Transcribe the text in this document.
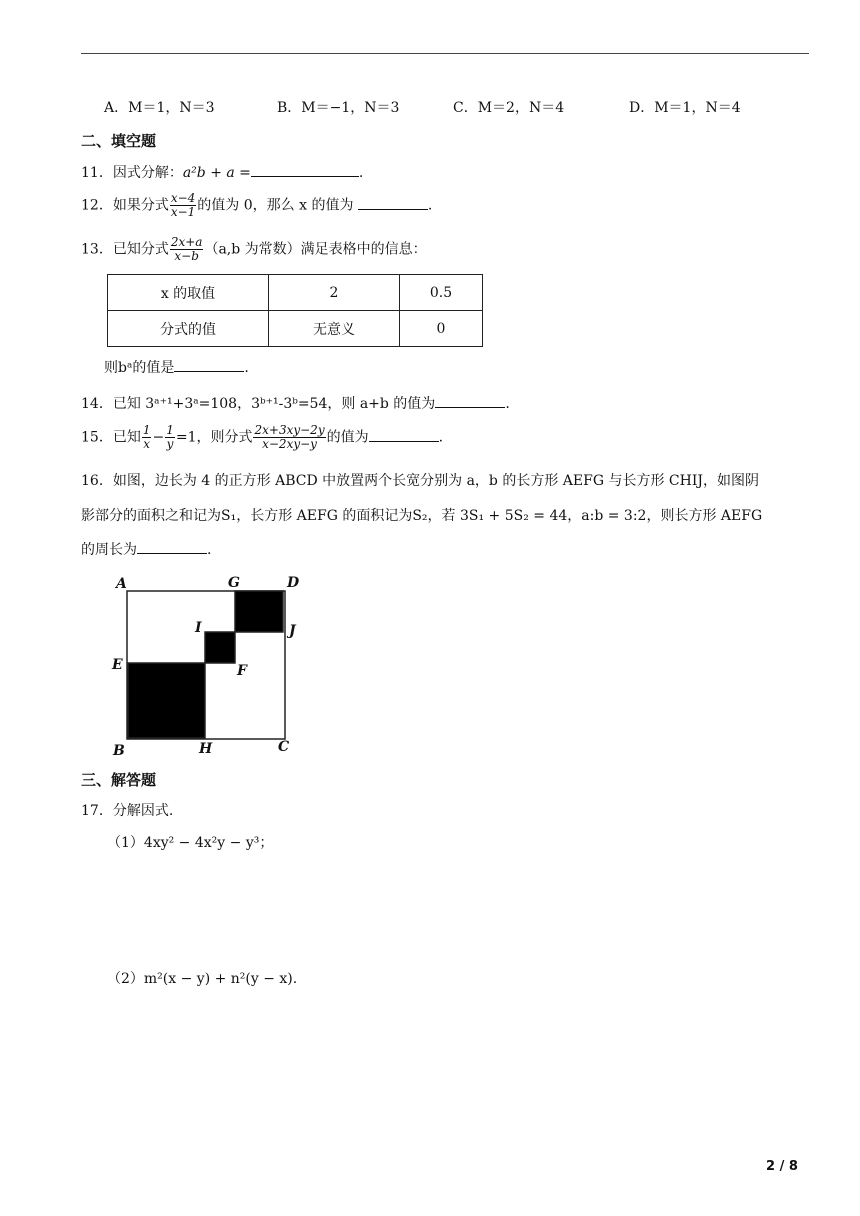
A．M＝1，N＝3	B．M＝−1，N＝3	C．M＝2，N＝4	D．M＝1，N＝4
二、填空题
11．因式分解：a²b + a =	.
12．如果分式 $\frac{x-4}{x-1}$ 的值为 0，那么 x 的值为	.
13．已知分式 $\frac{2x+a}{x-b} (a,b$ 为常数）满足表格中的信息：
x 的取值	2	0.5
分式的值	无意义	0
则bᵃ的值是	.
14．已知 3ᵃ⁺¹+3ᵃ=108，3ᵇ⁺¹-3ᵇ=54，则 a+b 的值为	.
15．已知 $\frac{1}{x} - \frac{1}{y} =1$，则分式 $\frac{2x+3xy-2y}{x-2xy-y}$ 的值为	.
16．如图，边长为 4 的正方形 ABCD 中放置两个长宽分别为 a，b 的长方形 AEFG 与长方形 CHIJ，如图阴
影部分的面积之和记为S₁，长方形 AEFG 的面积记为S₂，若 3S₁ + 5S₂ = 44，a:b = 3:2，则长方形 AEFG
的周长为	.
A	G	D
I	J
E	F
B	H	C
三、解答题
17．分解因式.
（1）4xy² − 4x²y − y³；
（2）m²(x − y) + n²(y − x).
2 / 8
